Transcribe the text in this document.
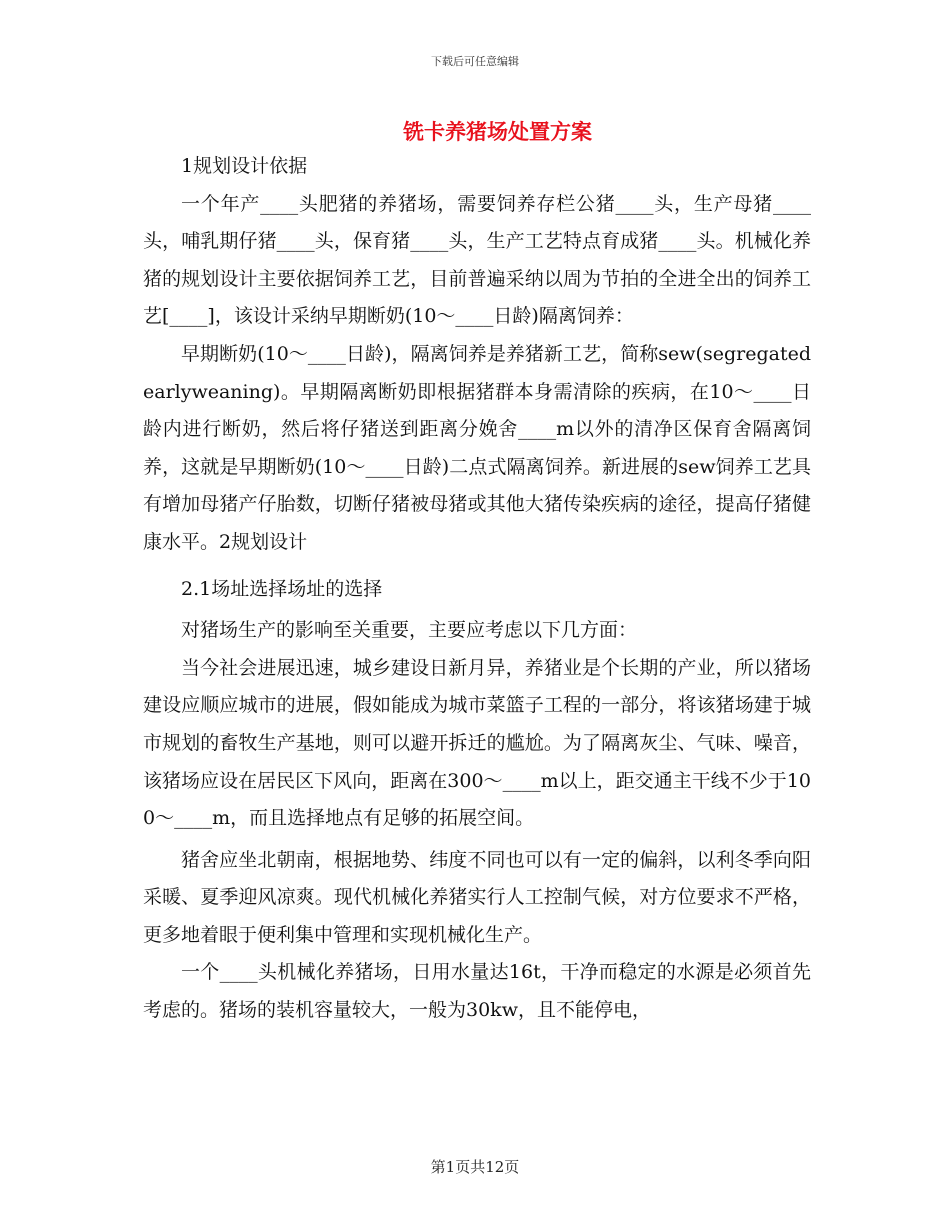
下载后可任意编辑
铣卡养猪场处置方案

1规划设计依据

一个年产____头肥猪的养猪场，需要饲养存栏公猪____头，生产母猪____头，哺乳期仔猪____头，保育猪____头，生产工艺特点育成猪____头。机械化养猪的规划设计主要依据饲养工艺，目前普遍采纳以周为节拍的全进全出的饲养工艺[____]，该设计采纳早期断奶(10～____日龄)隔离饲养：

早期断奶(10～____日龄)，隔离饲养是养猪新工艺，简称sew(segregatedearlyweaning)。早期隔离断奶即根据猪群本身需清除的疾病，在10～____日龄内进行断奶，然后将仔猪送到距离分娩舍____m以外的清净区保育舍隔离饲养，这就是早期断奶(10～____日龄)二点式隔离饲养。新进展的sew饲养工艺具有增加母猪产仔胎数，切断仔猪被母猪或其他大猪传染疾病的途径，提高仔猪健康水平。2规划设计

2.1场址选择场址的选择

对猪场生产的影响至关重要，主要应考虑以下几方面：

当今社会进展迅速，城乡建设日新月异，养猪业是个长期的产业，所以猪场建设应顺应城市的进展，假如能成为城市菜篮子工程的一部分，将该猪场建于城市规划的畜牧生产基地，则可以避开拆迁的尴尬。为了隔离灰尘、气味、噪音，该猪场应设在居民区下风向，距离在300～____m以上，距交通主干线不少于100～____m，而且选择地点有足够的拓展空间。

猪舍应坐北朝南，根据地势、纬度不同也可以有一定的偏斜，以利冬季向阳采暖、夏季迎风凉爽。现代机械化养猪实行人工控制气候，对方位要求不严格，更多地着眼于便利集中管理和实现机械化生产。

一个____头机械化养猪场，日用水量达16t，干净而稳定的水源是必须首先考虑的。猪场的装机容量较大，一般为30kw，且不能停电，

第1页共12页
